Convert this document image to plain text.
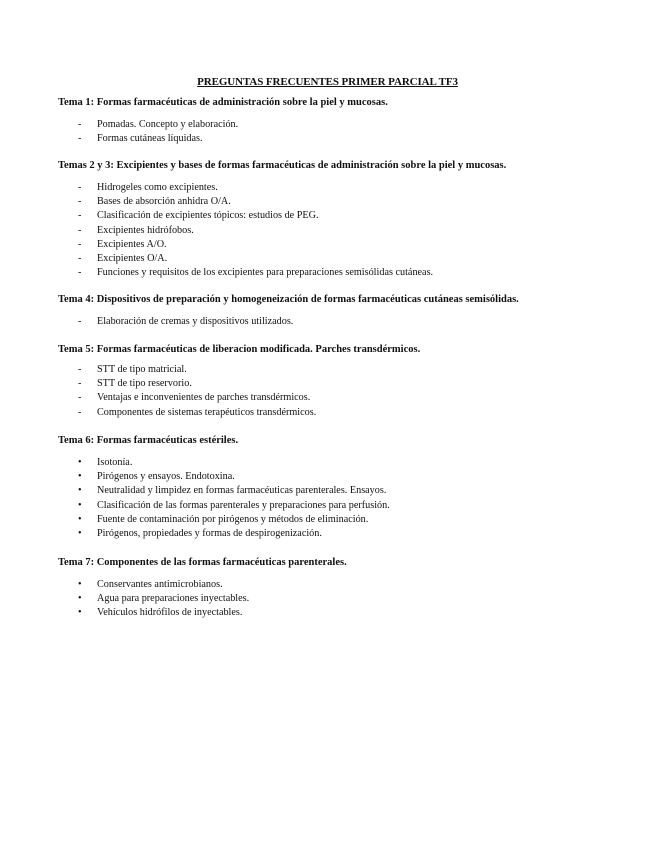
PREGUNTAS FRECUENTES PRIMER PARCIAL TF3
Tema 1: Formas farmacéuticas de administración sobre la piel y mucosas.
-	Pomadas. Concepto y elaboración.
-	Formas cutáneas líquidas.
Temas 2 y 3: Excipientes y bases de formas farmacéuticas de administración sobre la piel y mucosas.
-	Hidrogeles como excipientes.
-	Bases de absorción anhidra O/A.
-	Clasificación de excipientes tópicos: estudios de PEG.
-	Excipientes hidrófobos.
-	Excipientes A/O.
-	Excipientes O/A.
-	Funciones y requisitos de los excipientes para preparaciones semisólidas cutáneas.
Tema 4: Dispositivos de preparación y homogeneización de formas farmacéuticas cutáneas semisólidas.
-	Elaboración de cremas y dispositivos utilizados.
Tema 5: Formas farmacéuticas de liberacion modificada. Parches transdérmicos.
-	STT de tipo matricial.
-	STT de tipo reservorio.
-	Ventajas e inconvenientes de parches transdérmicos.
-	Componentes de sistemas terapéuticos transdérmicos.
Tema 6: Formas farmacéuticas estériles.
•	Isotonía.
•	Pirógenos y ensayos. Endotoxina.
•	Neutralidad y limpidez en formas farmacéuticas parenterales. Ensayos.
•	Clasificación de las formas parenterales y preparaciones para perfusión.
•	Fuente de contaminación por pirógenos y métodos de eliminación.
•	Pirógenos, propiedades y formas de despirogenización.
Tema 7: Componentes de las formas farmacéuticas parenterales.
•	Conservantes antimicrobianos.
•	Agua para preparaciones inyectables.
•	Vehículos hidrófilos de inyectables.
